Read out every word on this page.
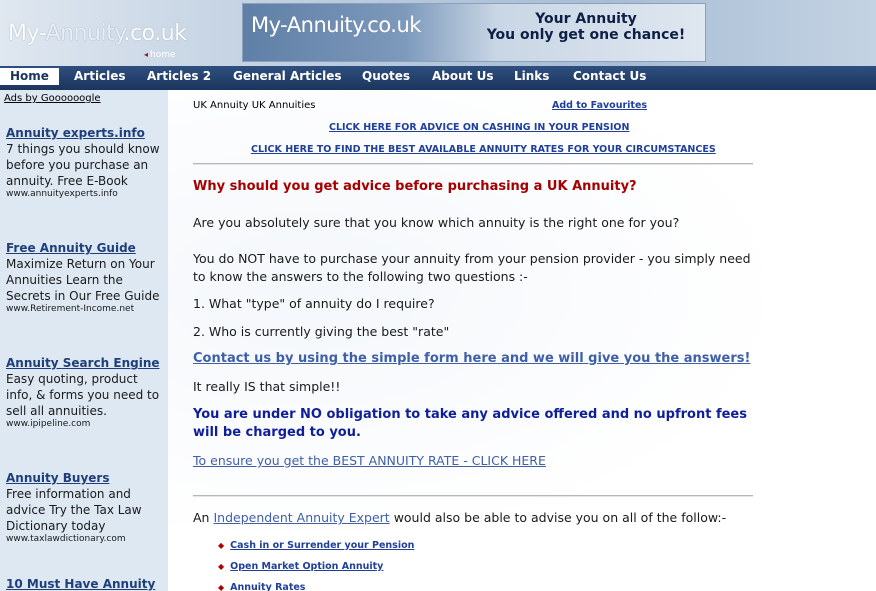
My-Annuity.co.uk
◂ home
My-Annuity.co.uk	Your Annuity
You only get one chance!
Home	Articles Articles 2 General Articles Quotes About Us Links Contact Us
Ads by Goooooogle
Annuity experts.info
7 things you should know before you purchase an annuity. Free E-Book
www.annuityexperts.info
Free Annuity Guide
Maximize Return on Your Annuities Learn the Secrets in Our Free Guide
www.Retirement-Income.net
Annuity Search Engine
Easy quoting, product info, & forms you need to sell all annuities.
www.ipipeline.com
Annuity Buyers
Free information and advice Try the Tax Law Dictionary today
www.taxlawdictionary.com
10 Must Have Annuity
UK Annuity UK Annuities	Add to Favourites
CLICK HERE FOR ADVICE ON CASHING IN YOUR PENSION
CLICK HERE TO FIND THE BEST AVAILABLE ANNUITY RATES FOR YOUR CIRCUMSTANCES
Why should you get advice before purchasing a UK Annuity?
Are you absolutely sure that you know which annuity is the right one for you?
You do NOT have to purchase your annuity from your pension provider - you simply need to know the answers to the following two questions :-
1. What "type" of annuity do I require?
2. Who is currently giving the best "rate"
Contact us by using the simple form here and we will give you the answers!
It really IS that simple!!
You are under NO obligation to take any advice offered and no upfront fees will be charged to you.
To ensure you get the BEST ANNUITY RATE - CLICK HERE
An Independent Annuity Expert would also be able to advise you on all of the follow:-
◆ Cash in or Surrender your Pension
◆ Open Market Option Annuity
◆ Annuity Rates
